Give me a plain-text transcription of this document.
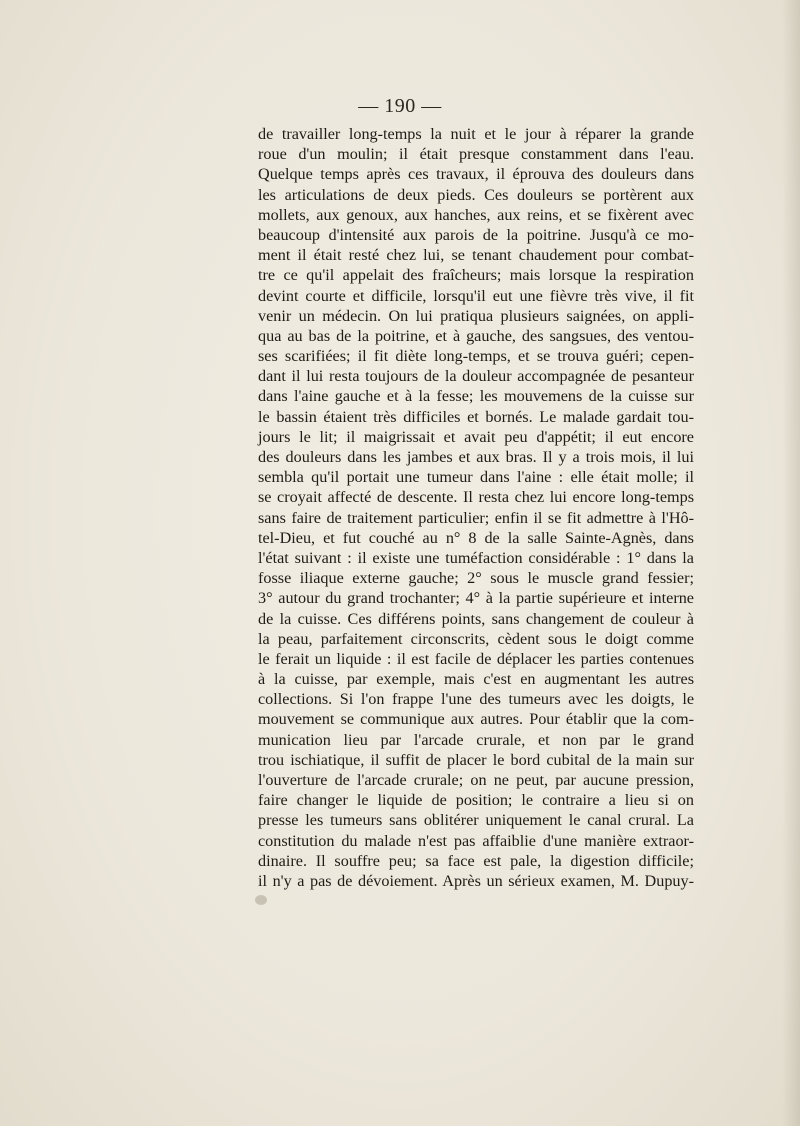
— 190 —
de travailler long-temps la nuit et le jour à réparer la grande
roue d'un moulin; il était presque constamment dans l'eau.
Quelque temps après ces travaux, il éprouva des douleurs dans
les articulations de deux pieds. Ces douleurs se portèrent aux
mollets, aux genoux, aux hanches, aux reins, et se fixèrent avec
beaucoup d'intensité aux parois de la poitrine. Jusqu'à ce mo-
ment il était resté chez lui, se tenant chaudement pour combat-
tre ce qu'il appelait des fraîcheurs; mais lorsque la respiration
devint courte et difficile, lorsqu'il eut une fièvre très vive, il fit
venir un médecin. On lui pratiqua plusieurs saignées, on appli-
qua au bas de la poitrine, et à gauche, des sangsues, des ventou-
ses scarifiées; il fit diète long-temps, et se trouva guéri; cepen-
dant il lui resta toujours de la douleur accompagnée de pesanteur
dans l'aine gauche et à la fesse; les mouvemens de la cuisse sur
le bassin étaient très difficiles et bornés. Le malade gardait tou-
jours le lit; il maigrissait et avait peu d'appétit; il eut encore
des douleurs dans les jambes et aux bras. Il y a trois mois, il lui
sembla qu'il portait une tumeur dans l'aine : elle était molle; il
se croyait affecté de descente. Il resta chez lui encore long-temps
sans faire de traitement particulier; enfin il se fit admettre à l'Hô-
tel-Dieu, et fut couché au n° 8 de la salle Sainte-Agnès, dans
l'état suivant : il existe une tuméfaction considérable : 1° dans la
fosse iliaque externe gauche; 2° sous le muscle grand fessier;
3° autour du grand trochanter; 4° à la partie supérieure et interne
de la cuisse. Ces différens points, sans changement de couleur à
la peau, parfaitement circonscrits, cèdent sous le doigt comme
le ferait un liquide : il est facile de déplacer les parties contenues
à la cuisse, par exemple, mais c'est en augmentant les autres
collections. Si l'on frappe l'une des tumeurs avec les doigts, le
mouvement se communique aux autres. Pour établir que la com-
munication lieu par l'arcade crurale, et non par le grand
trou ischiatique, il suffit de placer le bord cubital de la main sur
l'ouverture de l'arcade crurale; on ne peut, par aucune pression,
faire changer le liquide de position; le contraire a lieu si on
presse les tumeurs sans oblitérer uniquement le canal crural. La
constitution du malade n'est pas affaiblie d'une manière extraor-
dinaire. Il souffre peu; sa face est pale, la digestion difficile;
il n'y a pas de dévoiement. Après un sérieux examen, M. Dupuy-
